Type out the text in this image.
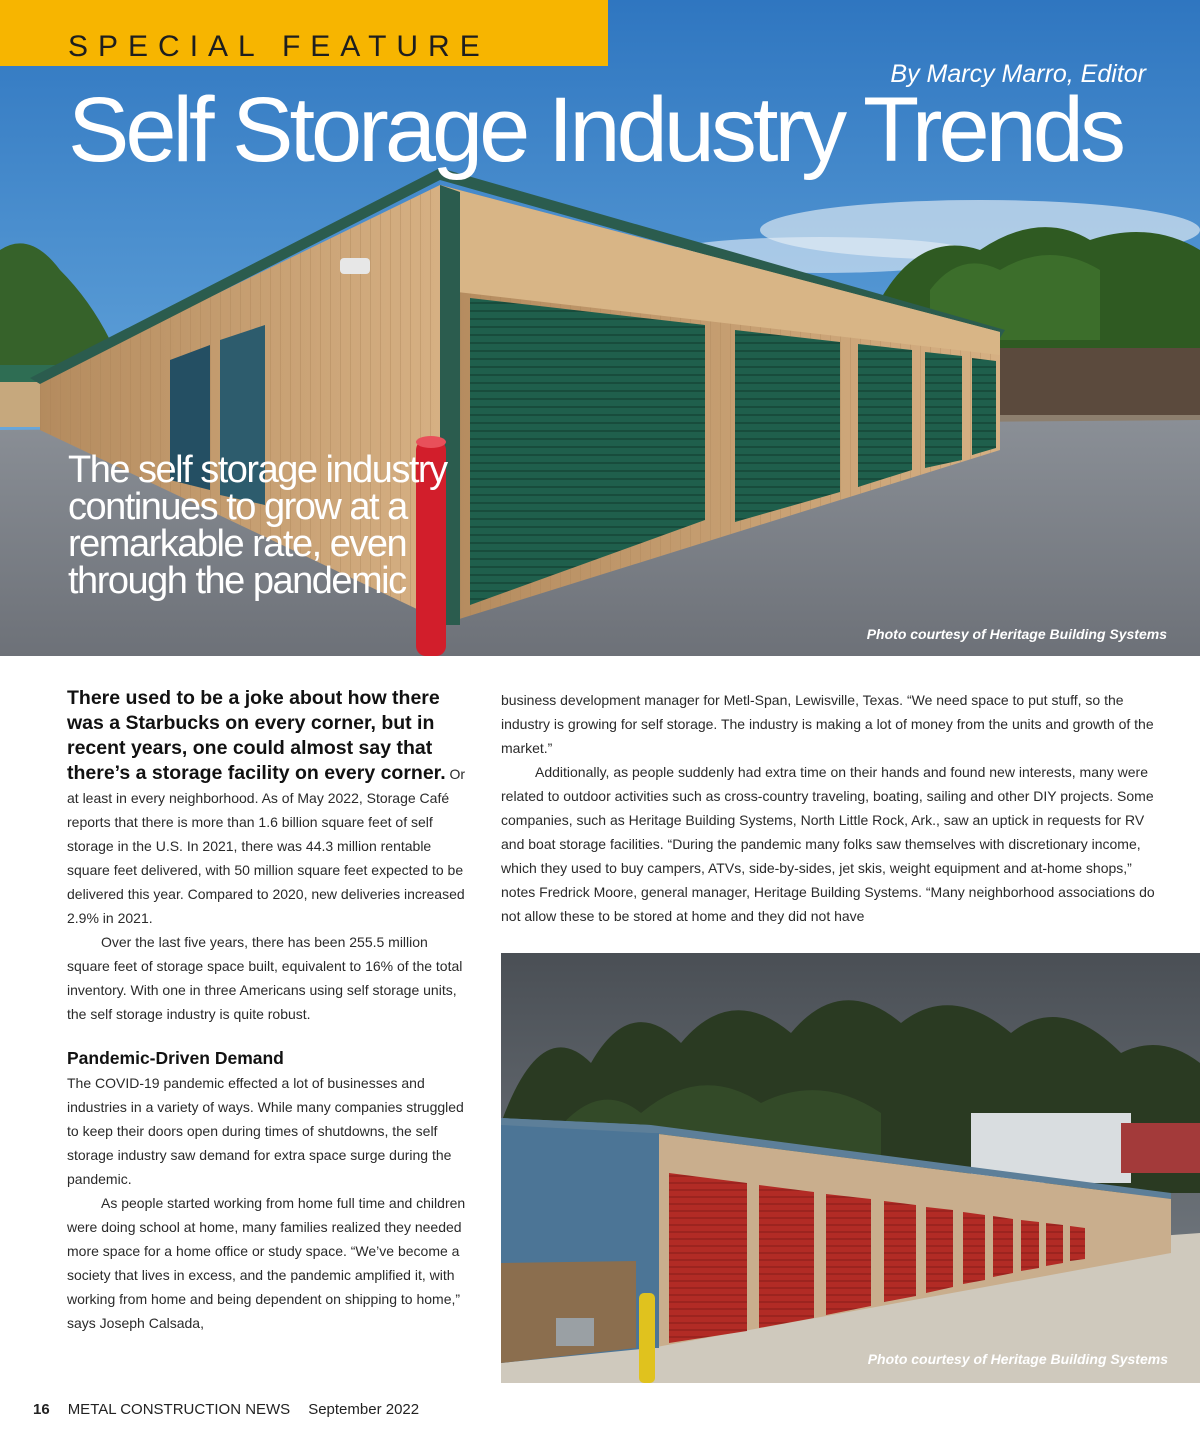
SPECIAL FEATURE
By Marcy Marro, Editor
Self Storage Industry Trends
The self storage industry continues to grow at a remarkable rate, even through the pandemic
Photo courtesy of Heritage Building Systems

There used to be a joke about how there was a Starbucks on every corner, but in recent years, one could almost say that there’s a storage facility on every corner. Or at least in every neighborhood. As of May 2022, Storage Café reports that there is more than 1.6 billion square feet of self storage in the U.S. In 2021, there was 44.3 million rentable square feet delivered, with 50 million square feet expected to be delivered this year. Compared to 2020, new deliveries increased 2.9% in 2021.

Over the last five years, there has been 255.5 million square feet of storage space built, equivalent to 16% of the total inventory. With one in three Americans using self storage units, the self storage industry is quite robust.

Pandemic-Driven Demand

The COVID-19 pandemic effected a lot of businesses and industries in a variety of ways. While many companies struggled to keep their doors open during times of shutdowns, the self storage industry saw demand for extra space surge during the pandemic.

As people started working from home full time and children were doing school at home, many families realized they needed more space for a home office or study space. “We’ve become a society that lives in excess, and the pandemic amplified it, with working from home and being dependent on shipping to home,” says Joseph Calsada,

business development manager for Metl-Span, Lewisville, Texas. “We need space to put stuff, so the industry is growing for self storage. The industry is making a lot of money from the units and growth of the market.”

Additionally, as people suddenly had extra time on their hands and found new interests, many were related to outdoor activities such as cross-country traveling, boating, sailing and other DIY projects. Some companies, such as Heritage Building Systems, North Little Rock, Ark., saw an uptick in requests for RV and boat storage facilities. “During the pandemic many folks saw themselves with discretionary income, which they used to buy campers, ATVs, side-by-sides, jet skis, weight equipment and at-home shops,” notes Fredrick Moore, general manager, Heritage Building Systems. “Many neighborhood associations do not allow these to be stored at home and they did not have

Photo courtesy of Heritage Building Systems
16 METAL CONSTRUCTION NEWS September 2022
